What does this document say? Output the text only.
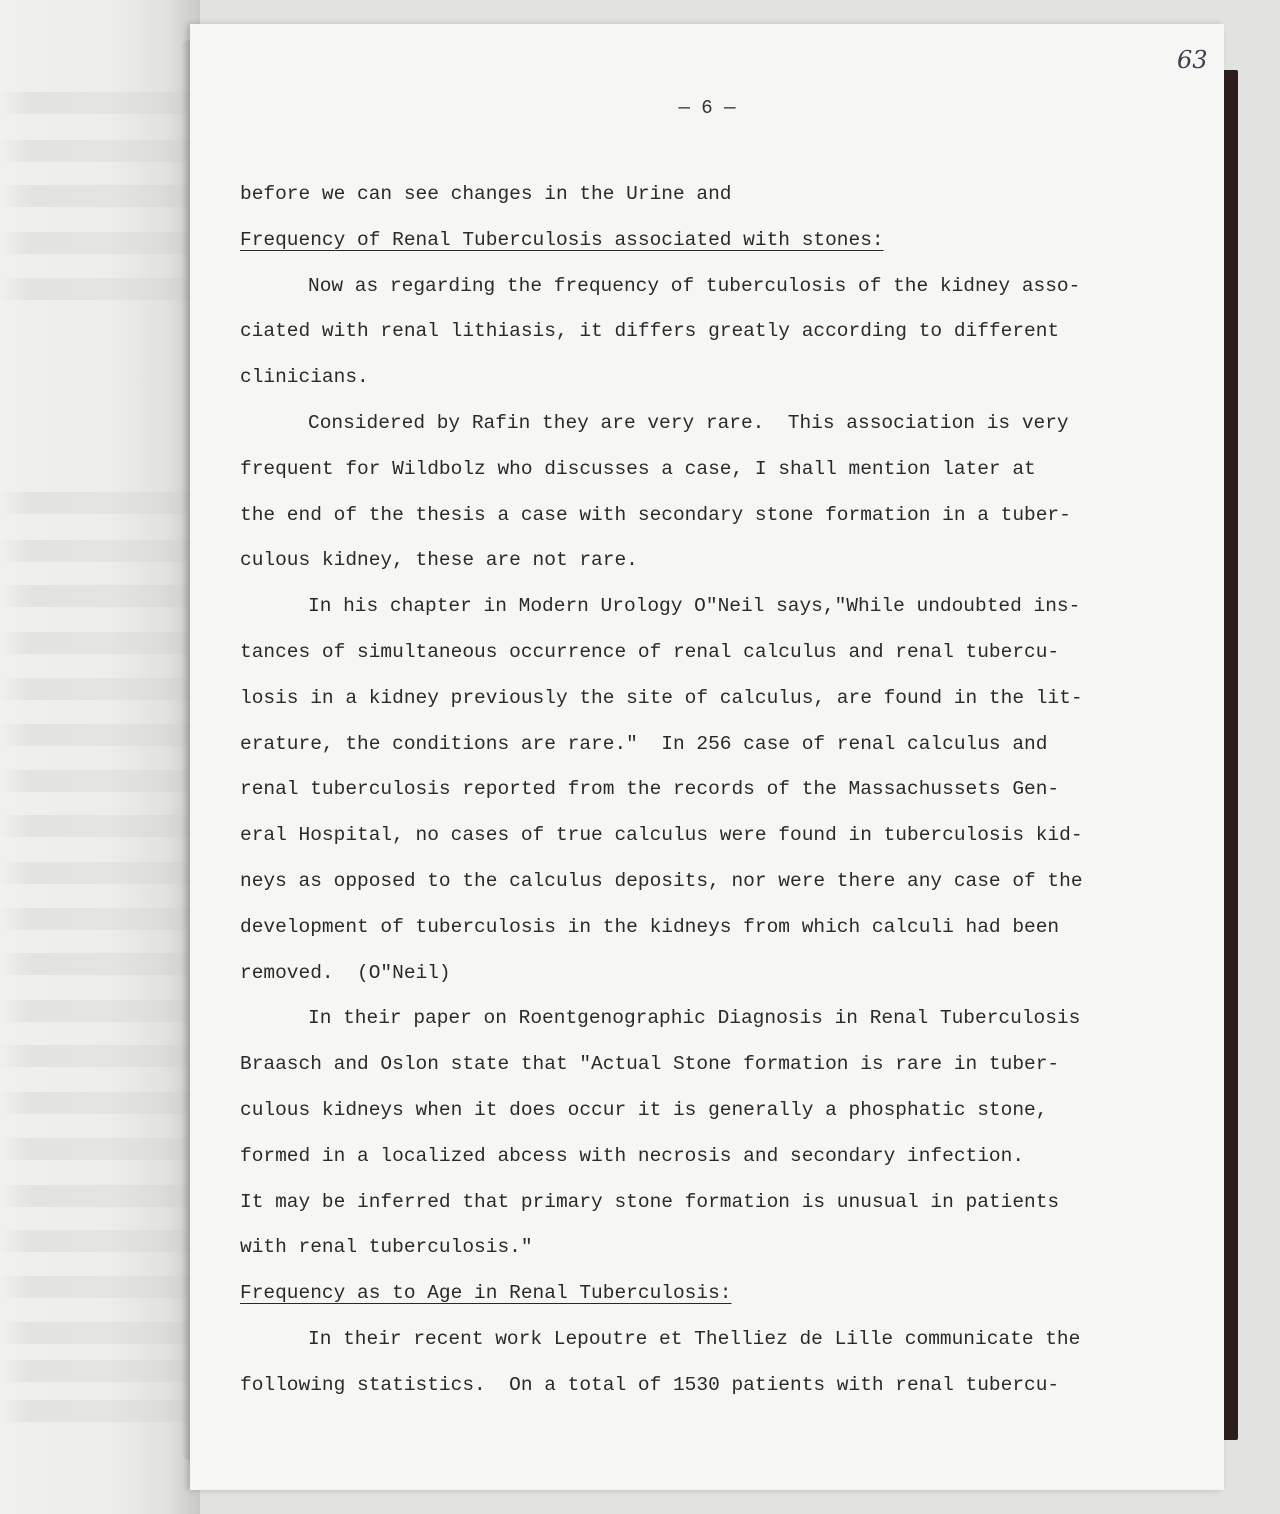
63
— 6 —
before we can see changes in the Urine and
Frequency of Renal Tuberculosis associated with stones:
Now as regarding the frequency of tuberculosis of the kidney asso-
ciated with renal lithiasis, it differs greatly according to different
clinicians.
Considered by Rafin they are very rare.  This association is very
frequent for Wildbolz who discusses a case, I shall mention later at
the end of the thesis a case with secondary stone formation in a tuber-
culous kidney, these are not rare.
In his chapter in Modern Urology O"Neil says,"While undoubted ins-
tances of simultaneous occurrence of renal calculus and renal tubercu-
losis in a kidney previously the site of calculus, are found in the lit-
erature, the conditions are rare."  In 256 case of renal calculus and
renal tuberculosis reported from the records of the Massachussets Gen-
eral Hospital, no cases of true calculus were found in tuberculosis kid-
neys as opposed to the calculus deposits, nor were there any case of the
development of tuberculosis in the kidneys from which calculi had been
removed.  (O"Neil)
In their paper on Roentgenographic Diagnosis in Renal Tuberculosis
Braasch and Oslon state that "Actual Stone formation is rare in tuber-
culous kidneys when it does occur it is generally a phosphatic stone,
formed in a localized abcess with necrosis and secondary infection.
It may be inferred that primary stone formation is unusual in patients
with renal tuberculosis."
Frequency as to Age in Renal Tuberculosis:
In their recent work Lepoutre et Thelliez de Lille communicate the
following statistics.  On a total of 1530 patients with renal tubercu-
